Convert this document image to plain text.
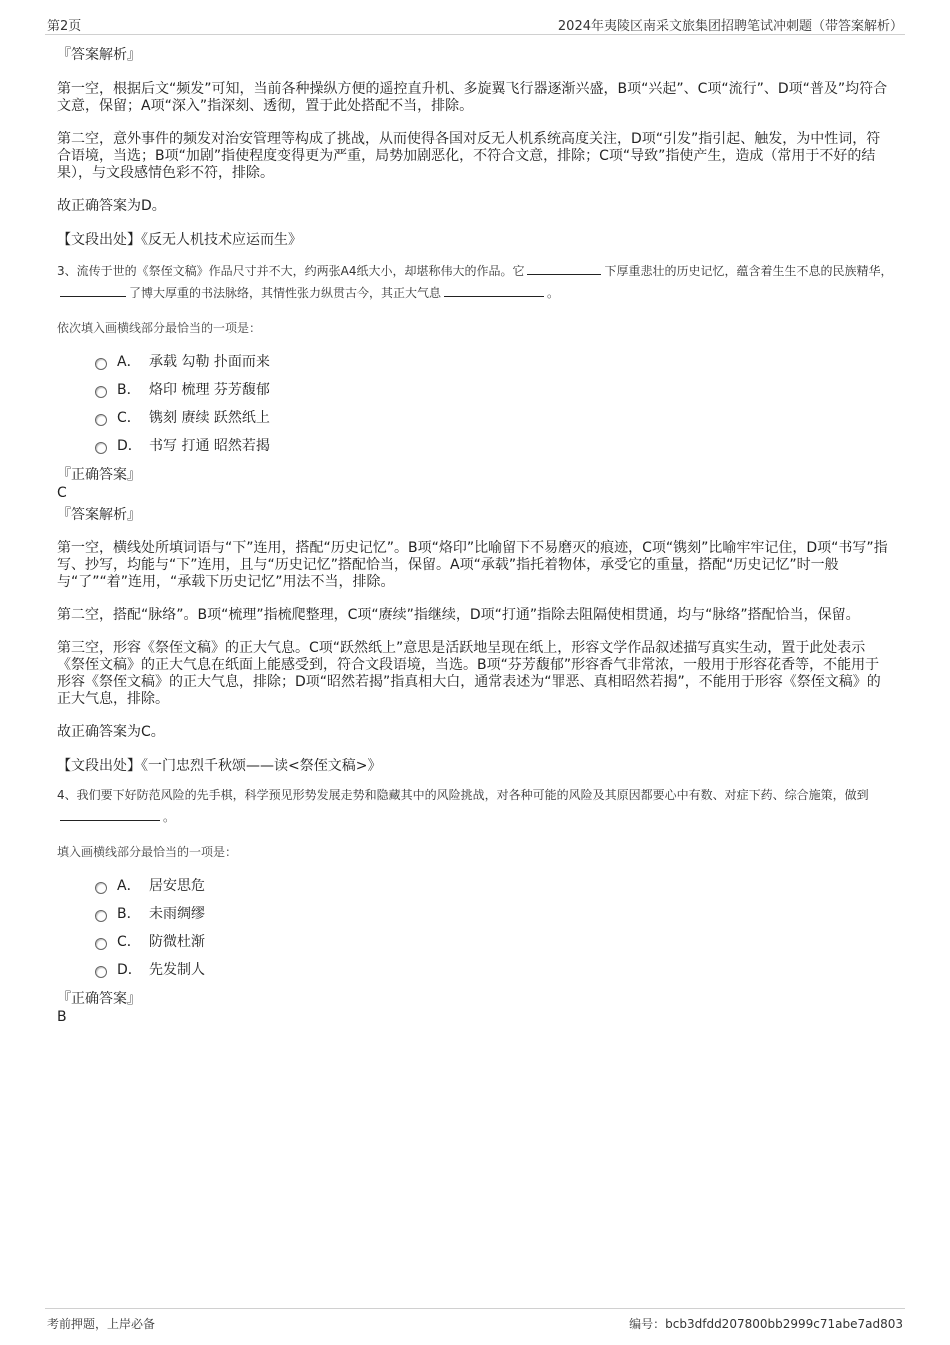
第2页	2024年夷陵区南采文旅集团招聘笔试冲刺题（带答案解析）

『答案解析』

第一空，根据后文“频发”可知，当前各种操纵方便的遥控直升机、多旋翼飞行器逐渐兴盛，B项“兴起”、C项“流行”、D项“普及”均符合文意，保留；A项“深入”指深刻、透彻，置于此处搭配不当，排除。

第二空，意外事件的频发对治安管理等构成了挑战，从而使得各国对反无人机系统高度关注，D项“引发”指引起、触发，为中性词，符合语境，当选；B项“加剧”指使程度变得更为严重，局势加剧恶化，不符合文意，排除；C项“导致”指使产生，造成（常用于不好的结果），与文段感情色彩不符，排除。

故正确答案为D。

【文段出处】《反无人机技术应运而生》

3、流传于世的《祭侄文稿》作品尺寸并不大，约两张A4纸大小，却堪称伟大的作品。它	下厚重悲壮的历史记忆，蕴含着生生不息的民族精华，了博大厚重的书法脉络，其情性张力纵贯古今，其正大气息	。

依次填入画横线部分最恰当的一项是：

A． 承载 勾勒 扑面而来
B． 烙印 梳理 芬芳馥郁
C． 镌刻 赓续 跃然纸上
D． 书写 打通 昭然若揭

『正确答案』

C

『答案解析』

第一空，横线处所填词语与“下”连用，搭配“历史记忆”。B项“烙印”比喻留下不易磨灭的痕迹，C项“镌刻”比喻牢牢记住，D项“书写”指写、抄写，均能与“下”连用，且与“历史记忆”搭配恰当，保留。A项“承载”指托着物体，承受它的重量，搭配“历史记忆”时一般与“了”“着”连用，“承载下历史记忆”用法不当，排除。

第二空，搭配“脉络”。B项“梳理”指梳爬整理，C项“赓续”指继续，D项“打通”指除去阻隔使相贯通，均与“脉络”搭配恰当，保留。

第三空，形容《祭侄文稿》的正大气息。C项“跃然纸上”意思是活跃地呈现在纸上，形容文学作品叙述描写真实生动，置于此处表示《祭侄文稿》的正大气息在纸面上能感受到，符合文段语境，当选。B项“芬芳馥郁”形容香气非常浓，一般用于形容花香等，不能用于形容《祭侄文稿》的正大气息，排除；D项“昭然若揭”指真相大白，通常表述为“罪恶、真相昭然若揭”，不能用于形容《祭侄文稿》的正大气息，排除。

故正确答案为C。

【文段出处】《一门忠烈千秋颂——读<祭侄文稿>》

4、我们要下好防范风险的先手棋，科学预见形势发展走势和隐藏其中的风险挑战，对各种可能的风险及其原因都要心中有数、对症下药、综合施策，做到。

填入画横线部分最恰当的一项是：

A． 居安思危
B． 未雨绸缪
C． 防微杜渐
D． 先发制人

『正确答案』

B

考前押题，上岸必备	编号：bcb3dfdd207800bb2999c71abe7ad803
